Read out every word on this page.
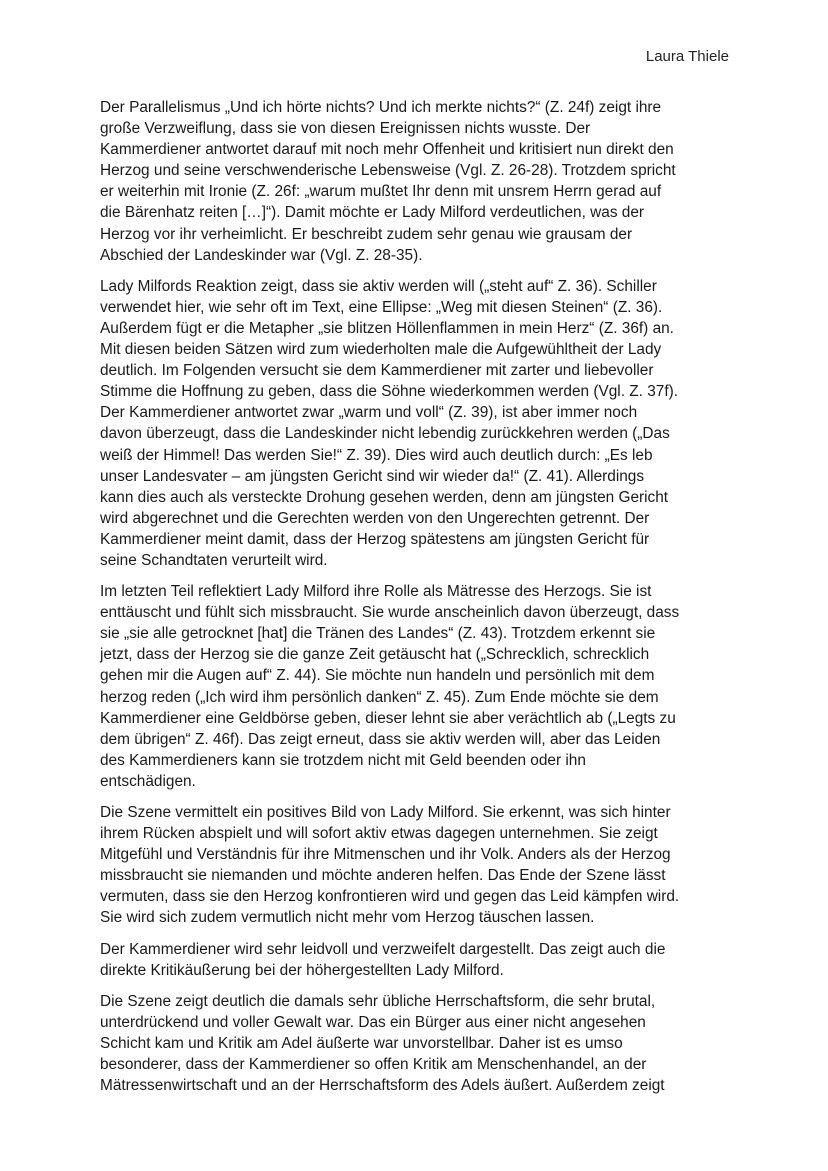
Laura Thiele

Der Parallelismus „Und ich hörte nichts? Und ich merkte nichts?“ (Z. 24f) zeigt ihre
große Verzweiflung, dass sie von diesen Ereignissen nichts wusste. Der
Kammerdiener antwortet darauf mit noch mehr Offenheit und kritisiert nun direkt den
Herzog und seine verschwenderische Lebensweise (Vgl. Z. 26-28). Trotzdem spricht
er weiterhin mit Ironie (Z. 26f: „warum mußtet Ihr denn mit unsrem Herrn gerad auf
die Bärenhatz reiten […]“). Damit möchte er Lady Milford verdeutlichen, was der
Herzog vor ihr verheimlicht. Er beschreibt zudem sehr genau wie grausam der
Abschied der Landeskinder war (Vgl. Z. 28-35).

Lady Milfords Reaktion zeigt, dass sie aktiv werden will („steht auf“ Z. 36). Schiller
verwendet hier, wie sehr oft im Text, eine Ellipse: „Weg mit diesen Steinen“ (Z. 36).
Außerdem fügt er die Metapher „sie blitzen Höllenflammen in mein Herz“ (Z. 36f) an.
Mit diesen beiden Sätzen wird zum wiederholten male die Aufgewühltheit der Lady
deutlich. Im Folgenden versucht sie dem Kammerdiener mit zarter und liebevoller
Stimme die Hoffnung zu geben, dass die Söhne wiederkommen werden (Vgl. Z. 37f).
Der Kammerdiener antwortet zwar „warm und voll“ (Z. 39), ist aber immer noch
davon überzeugt, dass die Landeskinder nicht lebendig zurückkehren werden („Das
weiß der Himmel! Das werden Sie!“ Z. 39). Dies wird auch deutlich durch: „Es leb
unser Landesvater – am jüngsten Gericht sind wir wieder da!“ (Z. 41). Allerdings
kann dies auch als versteckte Drohung gesehen werden, denn am jüngsten Gericht
wird abgerechnet und die Gerechten werden von den Ungerechten getrennt. Der
Kammerdiener meint damit, dass der Herzog spätestens am jüngsten Gericht für
seine Schandtaten verurteilt wird.

Im letzten Teil reflektiert Lady Milford ihre Rolle als Mätresse des Herzogs. Sie ist
enttäuscht und fühlt sich missbraucht. Sie wurde anscheinlich davon überzeugt, dass
sie „sie alle getrocknet [hat] die Tränen des Landes“ (Z. 43). Trotzdem erkennt sie
jetzt, dass der Herzog sie die ganze Zeit getäuscht hat („Schrecklich, schrecklich
gehen mir die Augen auf“ Z. 44). Sie möchte nun handeln und persönlich mit dem
herzog reden („Ich wird ihm persönlich danken“ Z. 45). Zum Ende möchte sie dem
Kammerdiener eine Geldbörse geben, dieser lehnt sie aber verächtlich ab („Legts zu
dem übrigen“ Z. 46f). Das zeigt erneut, dass sie aktiv werden will, aber das Leiden
des Kammerdieners kann sie trotzdem nicht mit Geld beenden oder ihn
entschädigen.

Die Szene vermittelt ein positives Bild von Lady Milford. Sie erkennt, was sich hinter
ihrem Rücken abspielt und will sofort aktiv etwas dagegen unternehmen. Sie zeigt
Mitgefühl und Verständnis für ihre Mitmenschen und ihr Volk. Anders als der Herzog
missbraucht sie niemanden und möchte anderen helfen. Das Ende der Szene lässt
vermuten, dass sie den Herzog konfrontieren wird und gegen das Leid kämpfen wird.
Sie wird sich zudem vermutlich nicht mehr vom Herzog täuschen lassen.

Der Kammerdiener wird sehr leidvoll und verzweifelt dargestellt. Das zeigt auch die
direkte Kritikäußerung bei der höhergestellten Lady Milford.

Die Szene zeigt deutlich die damals sehr übliche Herrschaftsform, die sehr brutal,
unterdrückend und voller Gewalt war. Das ein Bürger aus einer nicht angesehen
Schicht kam und Kritik am Adel äußerte war unvorstellbar. Daher ist es umso
besonderer, dass der Kammerdiener so offen Kritik am Menschenhandel, an der
Mätressenwirtschaft und an der Herrschaftsform des Adels äußert. Außerdem zeigt
